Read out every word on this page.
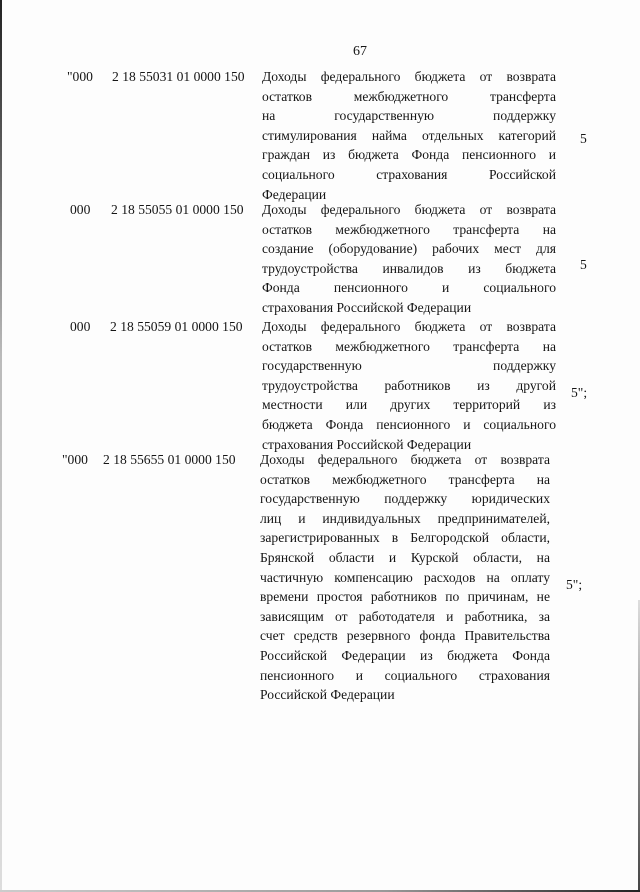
67
"000 2 18 55031 01 0000 150 Доходы федерального бюджета от возврата
остатков межбюджетного трансферта
на государственную поддержку
стимулирования найма отдельных категорий
граждан из бюджета Фонда пенсионного и
социального страхования Российской
Федерации
5
000 2 18 55055 01 0000 150 Доходы федерального бюджета от возврата
остатков межбюджетного трансферта на
создание (оборудование) рабочих мест для
трудоустройства инвалидов из бюджета
Фонда пенсионного и социального
страхования Российской Федерации
5
000 2 18 55059 01 0000 150 Доходы федерального бюджета от возврата
остатков межбюджетного трансферта на
государственную поддержку
трудоустройства работников из другой
местности или других территорий из
бюджета Фонда пенсионного и социального
страхования Российской Федерации
5";
"000 2 18 55655 01 0000 150 Доходы федерального бюджета от возврата
остатков межбюджетного трансферта на
государственную поддержку юридических
лиц и индивидуальных предпринимателей,
зарегистрированных в Белгородской области,
Брянской области и Курской области, на
частичную компенсацию расходов на оплату
времени простоя работников по причинам, не
зависящим от работодателя и работника, за
счет средств резервного фонда Правительства
Российской Федерации из бюджета Фонда
пенсионного и социального страхования
Российской Федерации
5";
